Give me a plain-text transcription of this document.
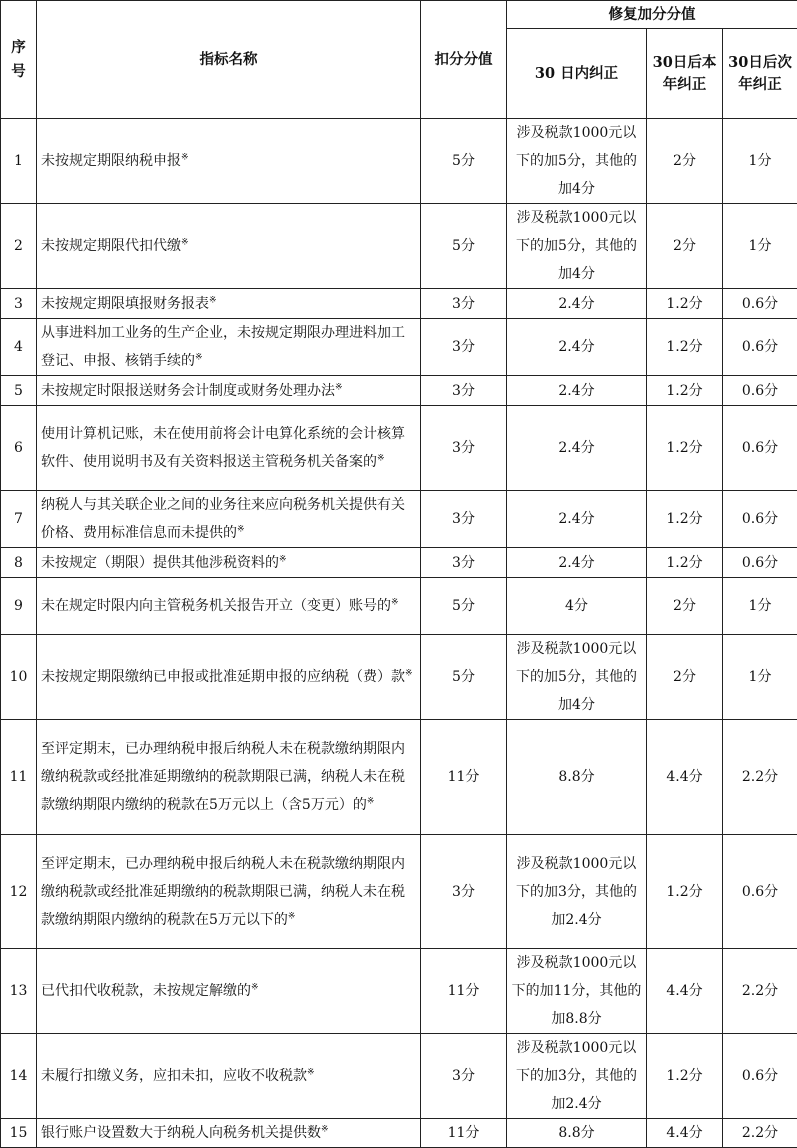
序号	指标名称	扣分分值	修复加分分值		
			30 日内纠正	30日后本年纠正	30日后次年纠正
1	未按规定期限纳税申报※	5分	涉及税款1000元以下的加5分，其他的加4分	2分	1分
2	未按规定期限代扣代缴※	5分	涉及税款1000元以下的加5分，其他的加4分	2分	1分
3	未按规定期限填报财务报表※	3分	2.4分	1.2分	0.6分
4	从事进料加工业务的生产企业，未按规定期限办理进料加工登记、申报、核销手续的※	3分	2.4分	1.2分	0.6分
5	未按规定时限报送财务会计制度或财务处理办法※	3分	2.4分	1.2分	0.6分
6	使用计算机记账，未在使用前将会计电算化系统的会计核算软件、使用说明书及有关资料报送主管税务机关备案的※	3分	2.4分	1.2分	0.6分
7	纳税人与其关联企业之间的业务往来应向税务机关提供有关价格、费用标准信息而未提供的※	3分	2.4分	1.2分	0.6分
8	未按规定（期限）提供其他涉税资料的※	3分	2.4分	1.2分	0.6分
9	未在规定时限内向主管税务机关报告开立（变更）账号的※	5分	4分	2分	1分
10	未按规定期限缴纳已申报或批准延期申报的应纳税（费）款※	5分	涉及税款1000元以下的加5分，其他的加4分	2分	1分
11	至评定期末，已办理纳税申报后纳税人未在税款缴纳期限内缴纳税款或经批准延期缴纳的税款期限已满，纳税人未在税款缴纳期限内缴纳的税款在5万元以上（含5万元）的※	11分	8.8分	4.4分	2.2分
12	至评定期末，已办理纳税申报后纳税人未在税款缴纳期限内缴纳税款或经批准延期缴纳的税款期限已满，纳税人未在税款缴纳期限内缴纳的税款在5万元以下的※	3分	涉及税款1000元以下的加3分，其他的加2.4分	1.2分	0.6分
13	已代扣代收税款，未按规定解缴的※	11分	涉及税款1000元以下的加11分，其他的加8.8分	4.4分	2.2分
14	未履行扣缴义务，应扣未扣，应收不收税款※	3分	涉及税款1000元以下的加3分，其他的加2.4分	1.2分	0.6分
15	银行账户设置数大于纳税人向税务机关提供数※	11分	8.8分	4.4分	2.2分
